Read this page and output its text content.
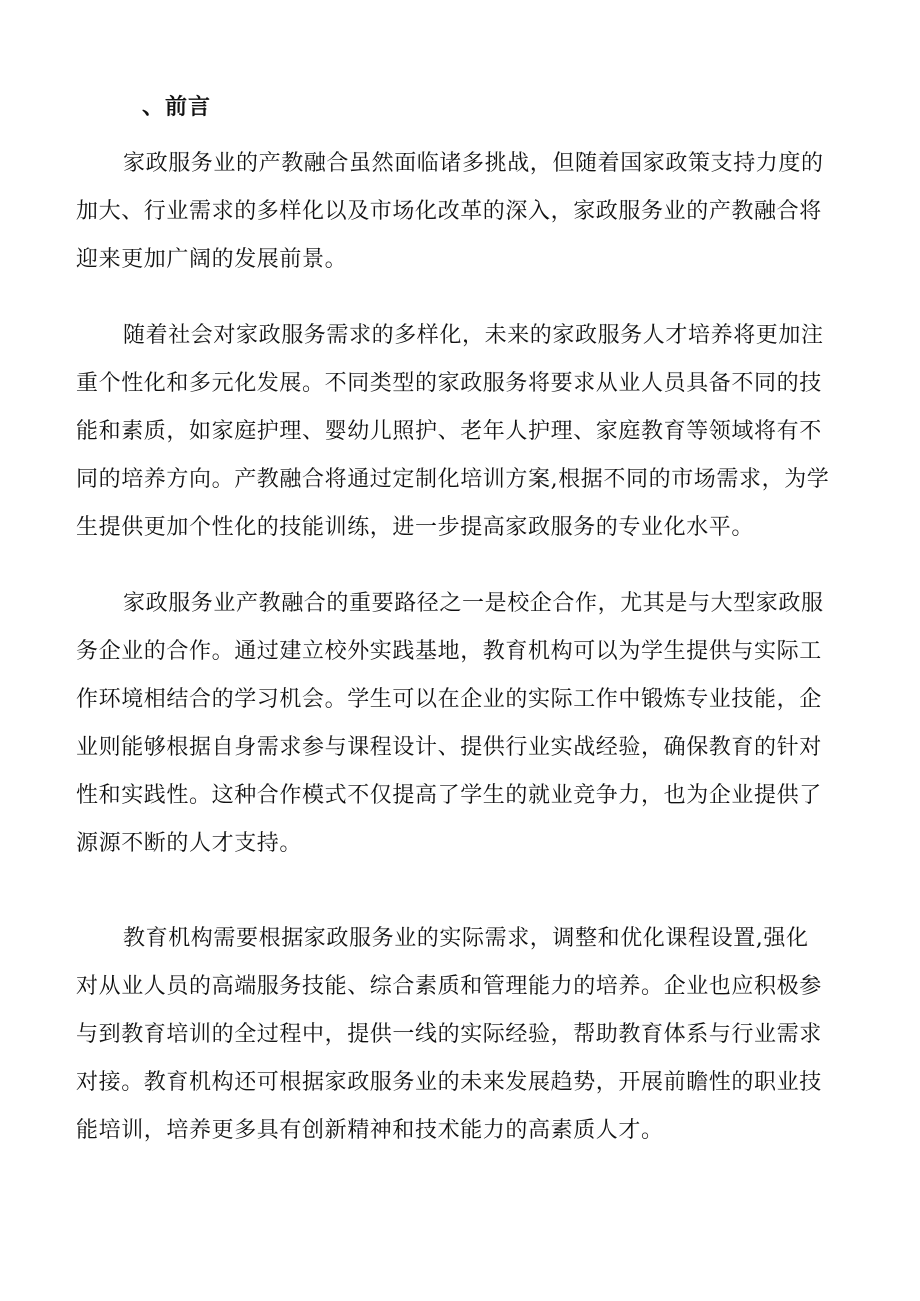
、前言
家政服务业的产教融合虽然面临诸多挑战，但随着国家政策支持力度的
加大、行业需求的多样化以及市场化改革的深入，家政服务业的产教融合将
迎来更加广阔的发展前景。
随着社会对家政服务需求的多样化，未来的家政服务人才培养将更加注
重个性化和多元化发展。不同类型的家政服务将要求从业人员具备不同的技
能和素质，如家庭护理、婴幼儿照护、老年人护理、家庭教育等领域将有不
同的培养方向。产教融合将通过定制化培训方案,根据不同的市场需求，为学
生提供更加个性化的技能训练，进一步提高家政服务的专业化水平。
家政服务业产教融合的重要路径之一是校企合作，尤其是与大型家政服
务企业的合作。通过建立校外实践基地，教育机构可以为学生提供与实际工
作环境相结合的学习机会。学生可以在企业的实际工作中锻炼专业技能，企
业则能够根据自身需求参与课程设计、提供行业实战经验，确保教育的针对
性和实践性。这种合作模式不仅提高了学生的就业竞争力，也为企业提供了
源源不断的人才支持。
教育机构需要根据家政服务业的实际需求，调整和优化课程设置,强化
对从业人员的高端服务技能、综合素质和管理能力的培养。企业也应积极参
与到教育培训的全过程中，提供一线的实际经验，帮助教育体系与行业需求
对接。教育机构还可根据家政服务业的未来发展趋势，开展前瞻性的职业技
能培训，培养更多具有创新精神和技术能力的高素质人才。
